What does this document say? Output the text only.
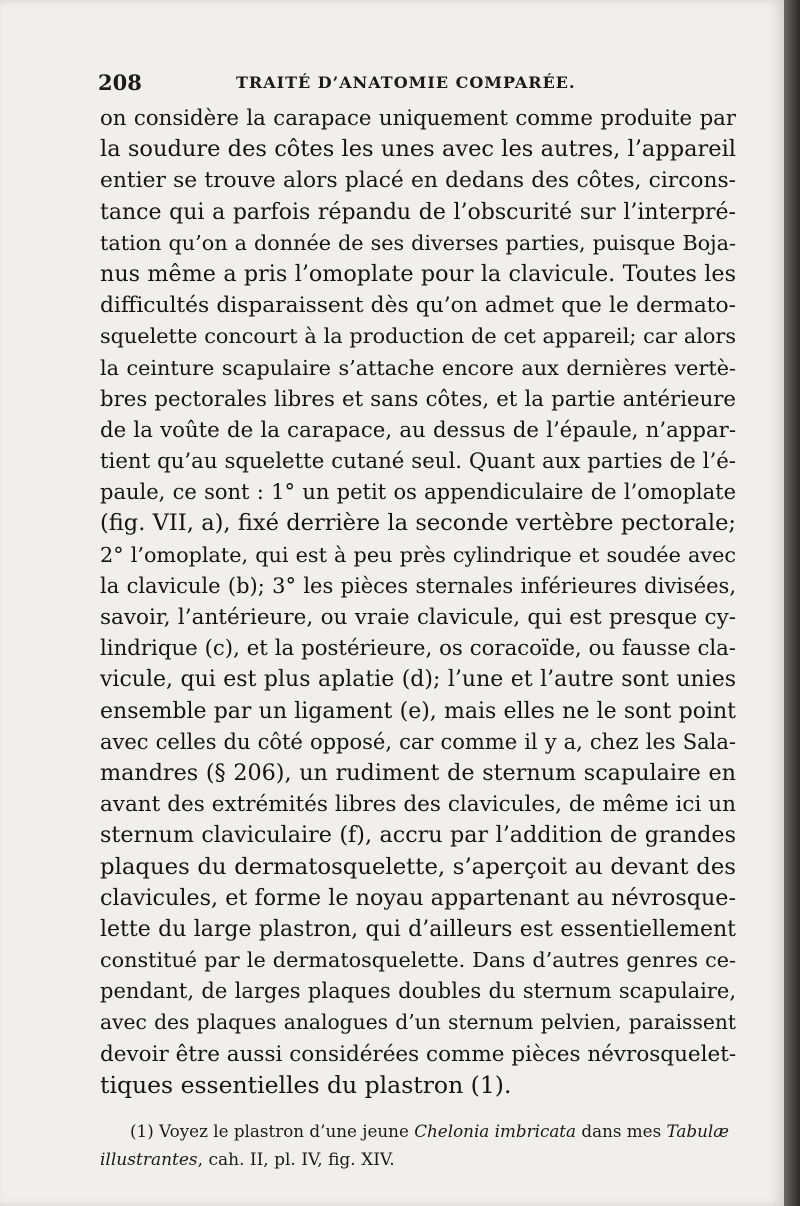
208	TRAITÉ D’ANATOMIE COMPARÉE.
on considère la carapace uniquement comme produite par
la soudure des côtes les unes avec les autres, l’appareil
entier se trouve alors placé en dedans des côtes, circons-
tance qui a parfois répandu de l’obscurité sur l’interpré-
tation qu’on a donnée de ses diverses parties, puisque Boja-
nus même a pris l’omoplate pour la clavicule. Toutes les
difficultés disparaissent dès qu’on admet que le dermato-
squelette concourt à la production de cet appareil; car alors
la ceinture scapulaire s’attache encore aux dernières vertè-
bres pectorales libres et sans côtes, et la partie antérieure
de la voûte de la carapace, au dessus de l’épaule, n’appar-
tient qu’au squelette cutané seul. Quant aux parties de l’é-
paule, ce sont : 1° un petit os appendiculaire de l’omoplate
(fig. VII, a), fixé derrière la seconde vertèbre pectorale;
2° l’omoplate, qui est à peu près cylindrique et soudée avec
la clavicule (b); 3° les pièces sternales inférieures divisées,
savoir, l’antérieure, ou vraie clavicule, qui est presque cy-
lindrique (c), et la postérieure, os coracoïde, ou fausse cla-
vicule, qui est plus aplatie (d); l’une et l’autre sont unies
ensemble par un ligament (e), mais elles ne le sont point
avec celles du côté opposé, car comme il y a, chez les Sala-
mandres (§ 206), un rudiment de sternum scapulaire en
avant des extrémités libres des clavicules, de même ici un
sternum claviculaire (f), accru par l’addition de grandes
plaques du dermatosquelette, s’aperçoit au devant des
clavicules, et forme le noyau appartenant au névrosque-
lette du large plastron, qui d’ailleurs est essentiellement
constitué par le dermatosquelette. Dans d’autres genres ce-
pendant, de larges plaques doubles du sternum scapulaire,
avec des plaques analogues d’un sternum pelvien, paraissent
devoir être aussi considérées comme pièces névrosquelet-
tiques essentielles du plastron (1).
(1) Voyez le plastron d’une jeune Chelonia imbricata dans mes Tabulæ
illustrantes, cah. II, pl. IV, fig. XIV.
